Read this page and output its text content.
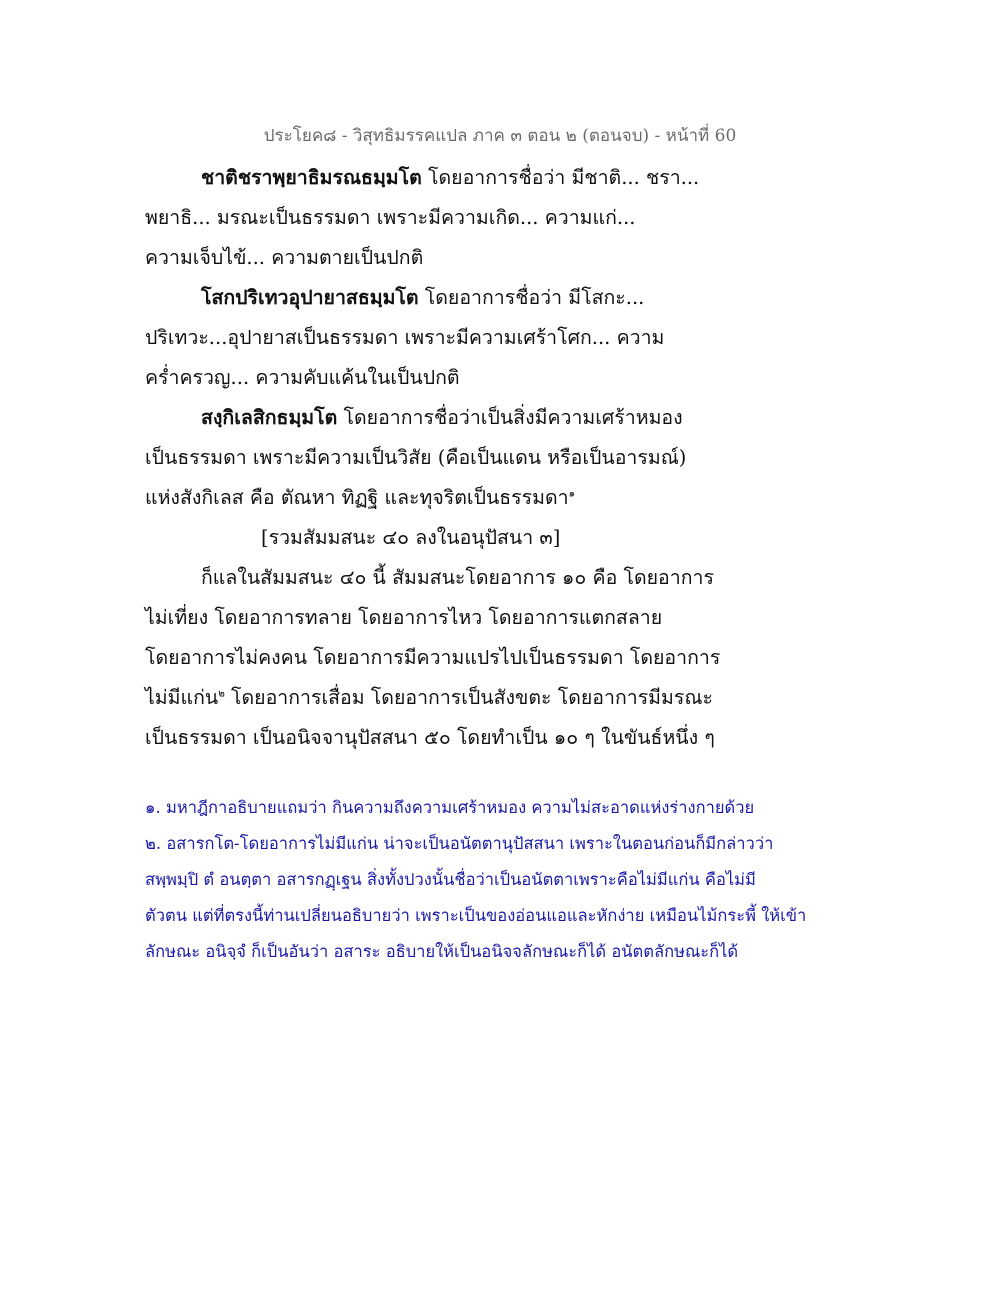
ประโยค๘ - วิสุทธิมรรคแปล ภาค ๓ ตอน ๒ (ตอนจบ) - หน้าที่ 60
ชาติชราพฺยาธิมรณธมฺมโต โดยอาการชื่อว่า มีชาติ... ชรา...
พยาธิ... มรณะเป็นธรรมดา เพราะมีความเกิด... ความแก่...
ความเจ็บไข้... ความตายเป็นปกติ
โสกปริเทวอุปายาสธมฺมโต โดยอาการชื่อว่า มีโสกะ...
ปริเทวะ...อุปายาสเป็นธรรมดา เพราะมีความเศร้าโศก... ความ
คร่ำครวญ... ความคับแค้นในเป็นปกติ
สงฺกิเลสิกธมฺมโต โดยอาการชื่อว่าเป็นสิ่งมีความเศร้าหมอง
เป็นธรรมดา เพราะมีความเป็นวิสัย (คือเป็นแดน หรือเป็นอารมณ์)
แห่งสังกิเลส คือ ตัณหา ทิฏฐิ และทุจริตเป็นธรรมดา$^๑$
[รวมสัมมสนะ ๔๐ ลงในอนุปัสนา ๓]
ก็แลในสัมมสนะ ๔๐ นี้ สัมมสนะโดยอาการ ๑๐ คือ โดยอาการ
ไม่เที่ยง โดยอาการทลาย โดยอาการไหว โดยอาการแตกสลาย
โดยอาการไม่คงคน โดยอาการมีความแปรไปเป็นธรรมดา โดยอาการ
ไม่มีแก่น$^๒$ โดยอาการเสื่อม โดยอาการเป็นสังขตะ โดยอาการมีมรณะ
เป็นธรรมดา เป็นอนิจจานุปัสสนา ๕๐ โดยทำเป็น ๑๐ ๆ ในขันธ์หนึ่ง ๆ
๑. มหาฎีกาอธิบายแถมว่า กินความถึงความเศร้าหมอง ความไม่สะอาดแห่งร่างกายด้วย
๒. อสารกโต-โดยอาการไม่มีแก่น น่าจะเป็นอนัตตานุปัสสนา เพราะในตอนก่อนก็มีกล่าวว่า
สพฺพมฺปิ ตํ อนตฺตา อสารกฏฺเฐน สิ่งทั้งปวงนั้นชื่อว่าเป็นอนัตตาเพราะคือไม่มีแก่น คือไม่มี
ตัวตน แต่ที่ตรงนี้ท่านเปลี่ยนอธิบายว่า เพราะเป็นของอ่อนแอและหักง่าย เหมือนไม้กระพี้ ให้เข้า
ลักษณะ อนิจฺจํ ก็เป็นอันว่า อสาระ อธิบายให้เป็นอนิจจลักษณะก็ได้ อนัตตลักษณะก็ได้
